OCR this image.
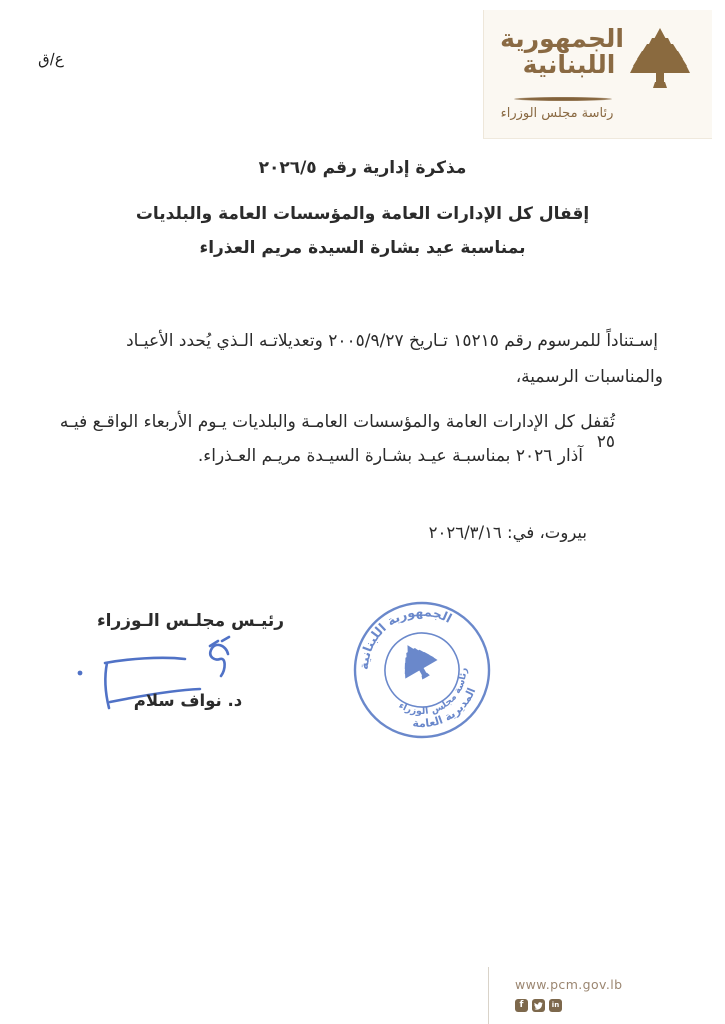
ع/ق
الجمهورية
اللبنانية
رئاسة مجلس الوزراء
مذكرة إدارية رقم ٢٠٢٦/٥
إقفال كل الإدارات العامة والمؤسسات العامة والبلديات
بمناسبة عيد بشارة السيدة مريم العذراء
إسـتناداً للمرسوم رقم ١٥٢١٥ تـاريخ ٢٠٠٥/٩/٢٧ وتعديلاتـه الـذي يُحدد الأعيـاد
والمناسبات الرسمية،
تُقفل كل الإدارات العامة والمؤسسات العامـة والبلديات يـوم الأربعاء الواقـع فيـه ٢٥
آذار ٢٠٢٦ بمناسبـة عيـد بشـارة السيـدة مريـم العـذراء.
بيروت، في: ٢٠٢٦/٣/١٦
رئيـس مجلـس الـوزراء
د. نواف سلام
الجمهورية اللبنانية
رئاسة مجلس الوزراء
المديرية العامة
www.pcm.gov.lb
f	in
